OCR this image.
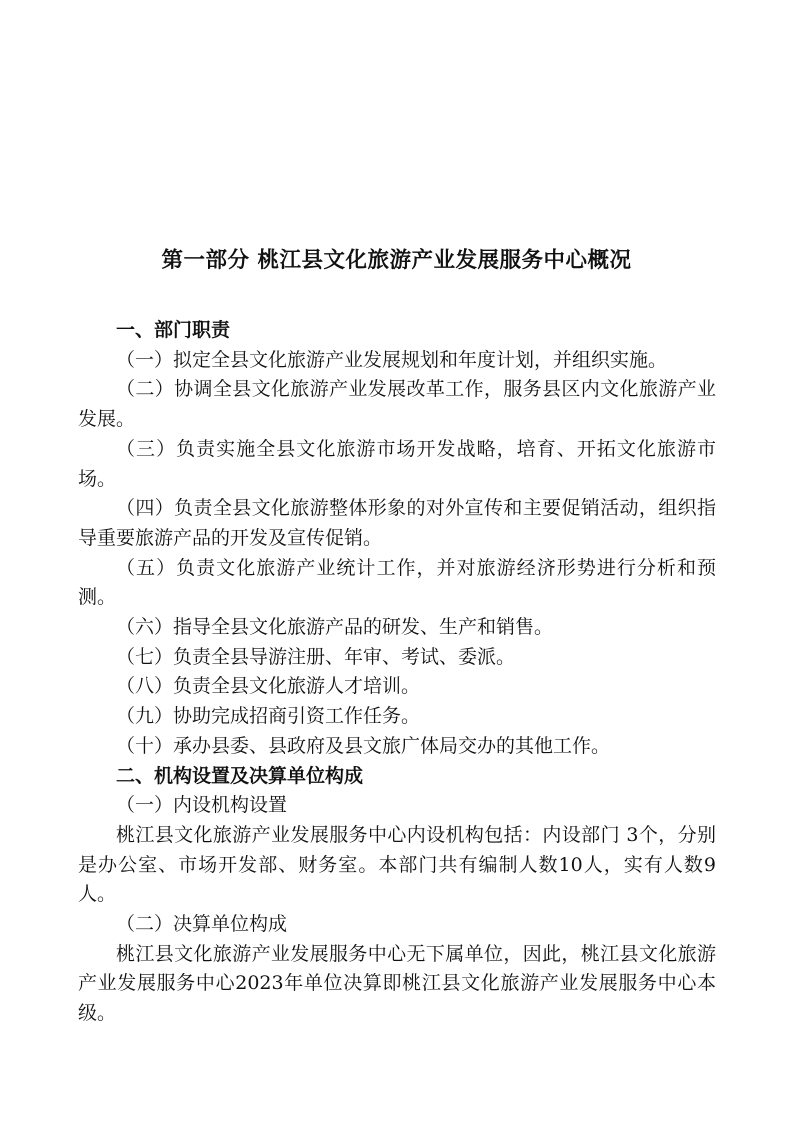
第一部分 桃江县文化旅游产业发展服务中心概况

一、部门职责

（一）拟定全县文化旅游产业发展规划和年度计划，并组织实施。

（二）协调全县文化旅游产业发展改革工作，服务县区内文化旅游产业发展。

（三）负责实施全县文化旅游市场开发战略，培育、开拓文化旅游市场。

（四）负责全县文化旅游整体形象的对外宣传和主要促销活动，组织指导重要旅游产品的开发及宣传促销。

（五）负责文化旅游产业统计工作，并对旅游经济形势进行分析和预测。

（六）指导全县文化旅游产品的研发、生产和销售。

（七）负责全县导游注册、年审、考试、委派。

（八）负责全县文化旅游人才培训。

（九）协助完成招商引资工作任务。

（十）承办县委、县政府及县文旅广体局交办的其他工作。

二、机构设置及决算单位构成

（一）内设机构设置

桃江县文化旅游产业发展服务中心内设机构包括：内设部门 3个，分别是办公室、市场开发部、财务室。本部门共有编制人数10人，实有人数9人。

（二）决算单位构成

桃江县文化旅游产业发展服务中心无下属单位，因此，桃江县文化旅游产业发展服务中心2023年单位决算即桃江县文化旅游产业发展服务中心本级。
